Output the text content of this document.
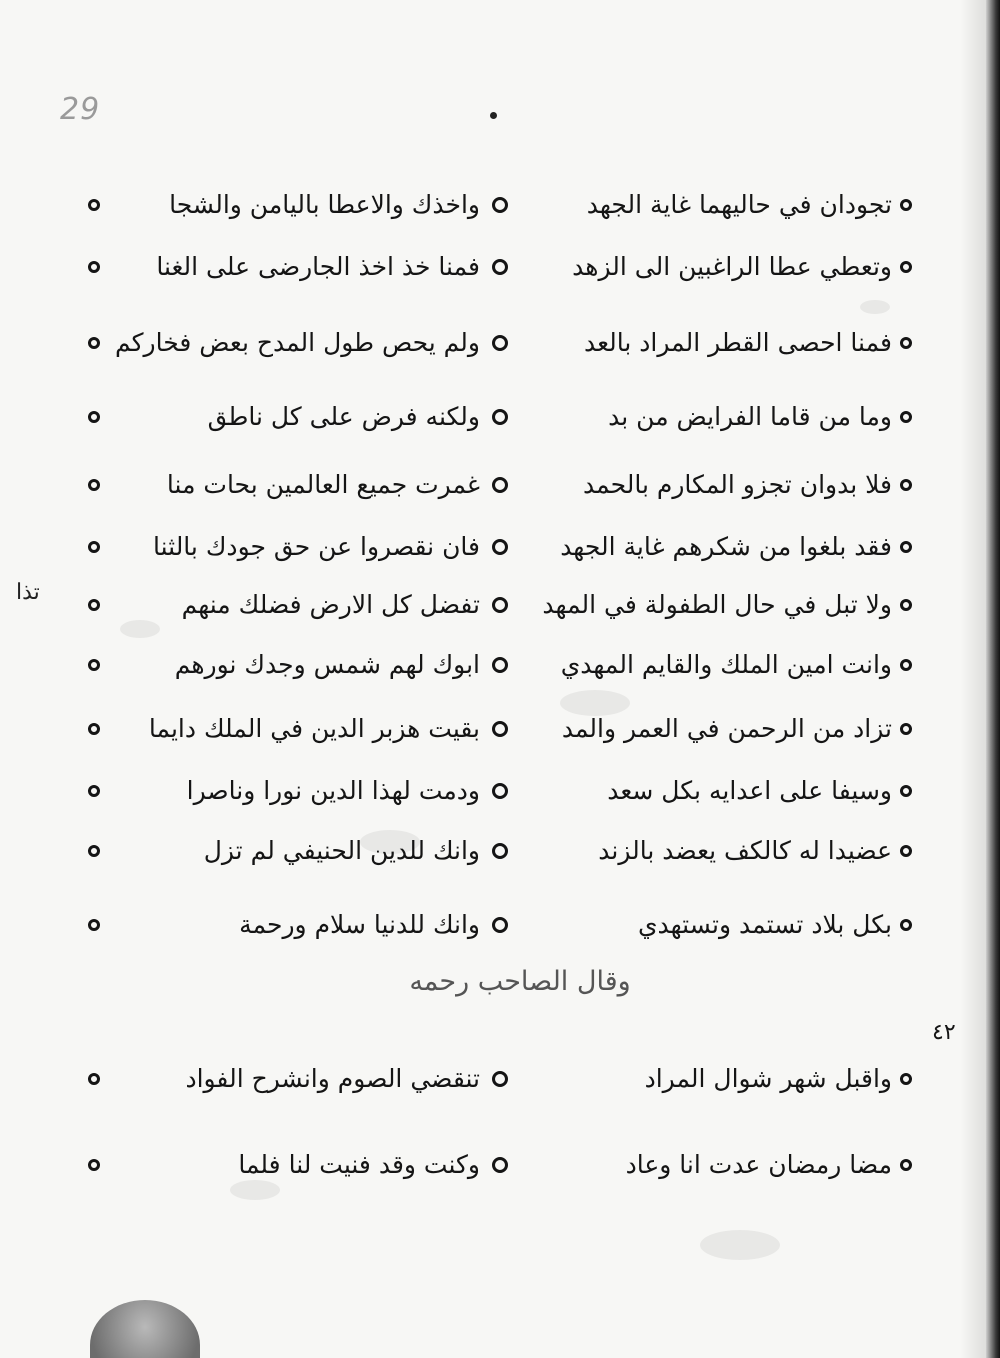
29
تذا
واخذك والاعطا باليامن والشجا	تجودان في حاليهما غاية الجهد
فمنا خذ اخذ الجارضى على الغنا	وتعطي عطا الراغبين الى الزهد
ولم يحص طول المدح بعض فخاركم	فمنا احصى القطر المراد بالعد
ولكنه فرض على كل ناطق	وما من قاما الفرايض من بد
غمرت جميع العالمين بحات منا	فلا بدوان تجزو المكارم بالحمد
فان نقصروا عن حق جودك بالثنا	فقد بلغوا من شكرهم غاية الجهد
تفضل كل الارض فضلك منهم	ولا تبل في حال الطفولة في المهد
ابوك لهم شمس وجدك نورهم	وانت امين الملك والقايم المهدي
بقيت هزبر الدين في الملك دايما	تزاد من الرحمن في العمر والمد
ودمت لهذا الدين نورا وناصرا	وسيفا على اعدايه بكل سعد
وانك للدين الحنيفي لم تزل	عضيدا له كالكف يعضد بالزند
وانك للدنيا سلام ورحمة	بكل بلاد تستمد وتستهدي
وقال الصاحب رحمه
٤٢
تنقضي الصوم وانشرح الفواد	واقبل شهر شوال المراد
وكنت وقد فنيت لنا فلما	مضا رمضان عدت انا وعاد
